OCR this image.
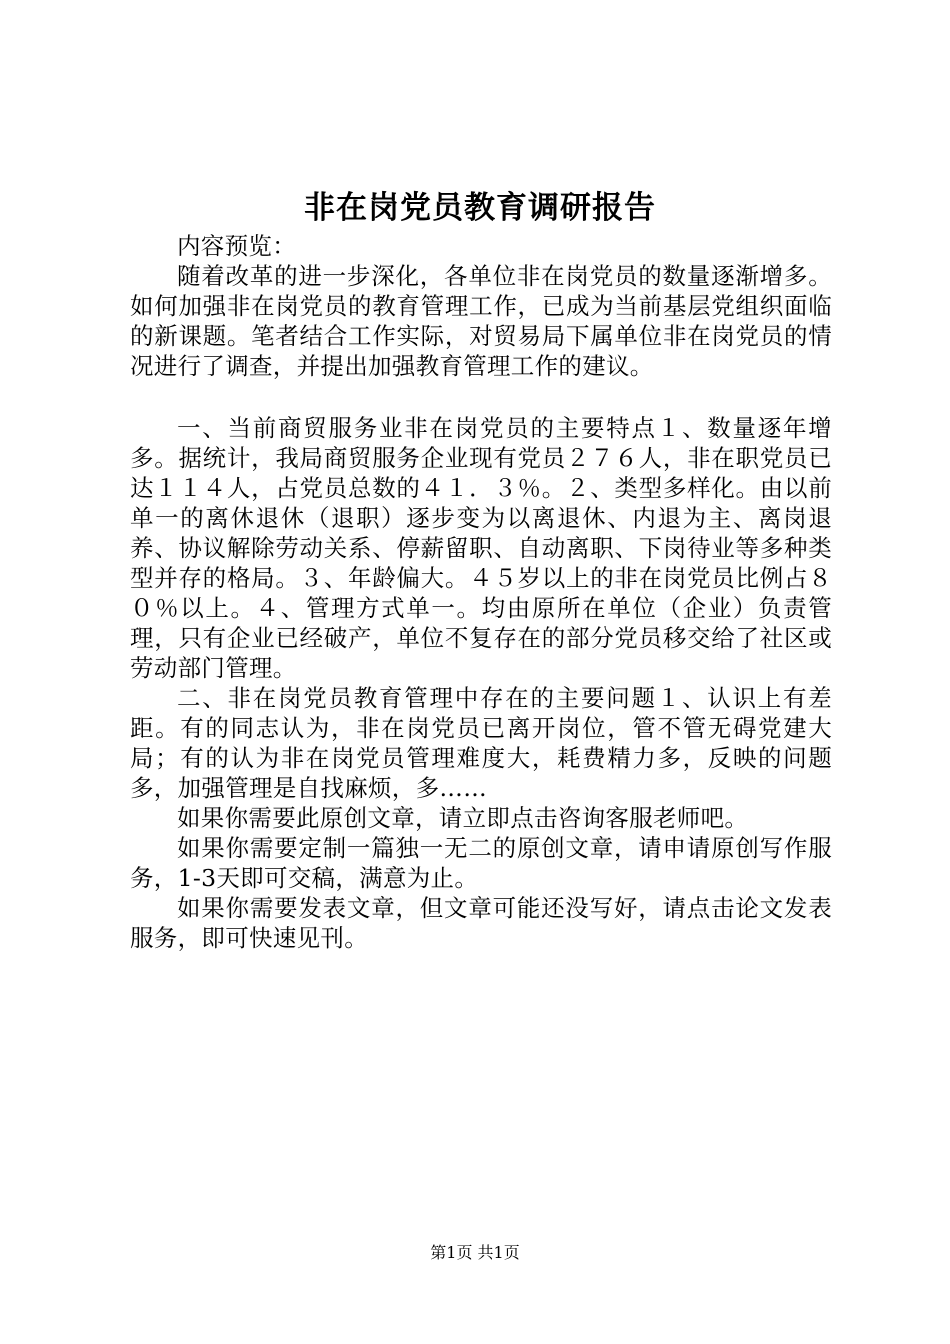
非在岗党员教育调研报告

内容预览：

随着改革的进一步深化，各单位非在岗党员的数量逐渐增多。如何加强非在岗党员的教育管理工作，已成为当前基层党组织面临的新课题。笔者结合工作实际，对贸易局下属单位非在岗党员的情况进行了调查，并提出加强教育管理工作的建议。

一、当前商贸服务业非在岗党员的主要特点１、数量逐年增多。据统计，我局商贸服务企业现有党员２７６人，非在职党员已达１１４人，占党员总数的４１．３％。２、类型多样化。由以前单一的离休退休（退职）逐步变为以离退休、内退为主、离岗退养、协议解除劳动关系、停薪留职、自动离职、下岗待业等多种类型并存的格局。３、年龄偏大。４５岁以上的非在岗党员比例占８０％以上。４、管理方式单一。均由原所在单位（企业）负责管理，只有企业已经破产，单位不复存在的部分党员移交给了社区或劳动部门管理。

二、非在岗党员教育管理中存在的主要问题１、认识上有差距。有的同志认为，非在岗党员已离开岗位，管不管无碍党建大局；有的认为非在岗党员管理难度大，耗费精力多，反映的问题多，加强管理是自找麻烦，多……

如果你需要此原创文章，请立即点击咨询客服老师吧。

如果你需要定制一篇独一无二的原创文章，请申请原创写作服务，1-3天即可交稿，满意为止。

如果你需要发表文章，但文章可能还没写好，请点击论文发表服务，即可快速见刊。

第1页 共1页
